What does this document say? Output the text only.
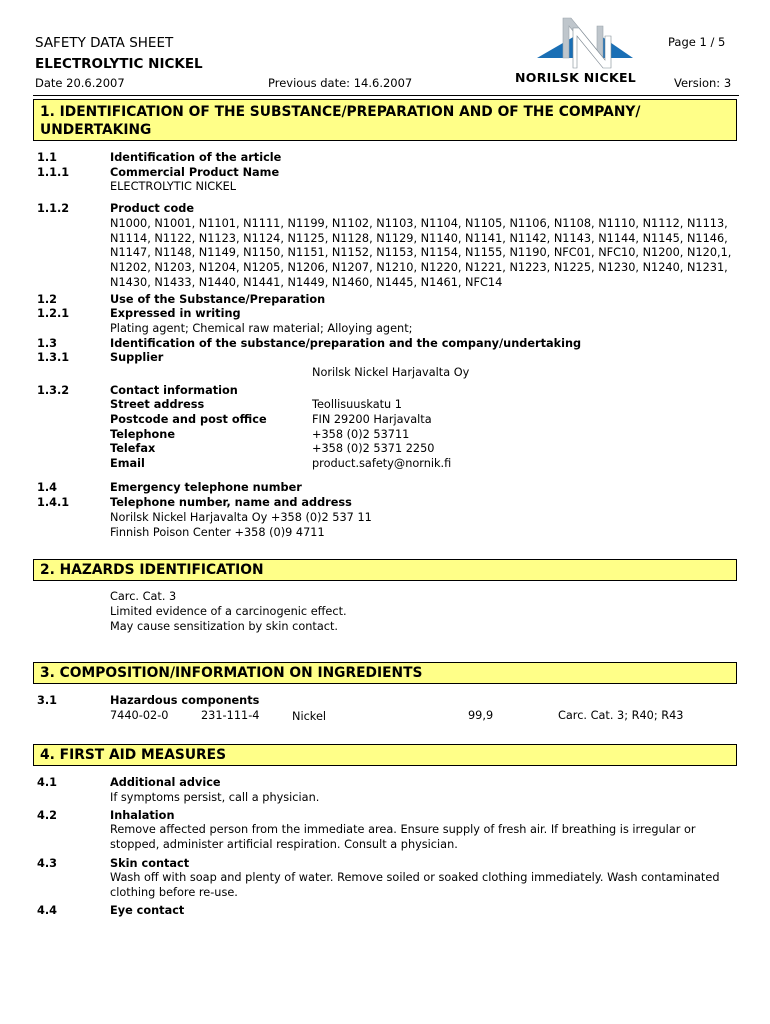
SAFETY DATA SHEET
ELECTROLYTIC NICKEL
Date 20.6.2007	Previous date: 14.6.2007
Page 1 / 5
Version: 3
NORILSK NICKEL
1. IDENTIFICATION OF THE SUBSTANCE/PREPARATION AND OF THE COMPANY/
UNDERTAKING
1.1	Identification of the article
1.1.1	Commercial Product Name
ELECTROLYTIC NICKEL
1.1.2	Product code
N1000, N1001, N1101, N1111, N1199, N1102, N1103, N1104, N1105, N1106, N1108, N1110, N1112, N1113,
N1114, N1122, N1123, N1124, N1125, N1128, N1129, N1140, N1141, N1142, N1143, N1144, N1145, N1146,
N1147, N1148, N1149, N1150, N1151, N1152, N1153, N1154, N1155, N1190, NFC01, NFC10, N1200, N120,1,
N1202, N1203, N1204, N1205, N1206, N1207, N1210, N1220, N1221, N1223, N1225, N1230, N1240, N1231,
N1430, N1433, N1440, N1441, N1449, N1460, N1445, N1461, NFC14
1.2	Use of the Substance/Preparation
1.2.1	Expressed in writing
Plating agent; Chemical raw material; Alloying agent;
1.3	Identification of the substance/preparation and the company/undertaking
1.3.1	Supplier
Norilsk Nickel Harjavalta Oy
1.3.2	Contact information
Street address	Teollisuuskatu 1
Postcode and post office	FIN 29200 Harjavalta
Telephone	+358 (0)2 53711
Telefax	+358 (0)2 5371 2250
Email	product.safety@nornik.fi
1.4	Emergency telephone number
1.4.1	Telephone number, name and address
Norilsk Nickel Harjavalta Oy +358 (0)2 537 11
Finnish Poison Center +358 (0)9 4711
2. HAZARDS IDENTIFICATION
Carc. Cat. 3
Limited evidence of a carcinogenic effect.
May cause sensitization by skin contact.
3. COMPOSITION/INFORMATION ON INGREDIENTS
3.1	Hazardous components
7440-02-0	231-111-4	Nickel	99,9	Carc. Cat. 3; R40; R43
4. FIRST AID MEASURES
4.1	Additional advice
If symptoms persist, call a physician.
4.2	Inhalation
Remove affected person from the immediate area. Ensure supply of fresh air. If breathing is irregular or stopped, administer artificial respiration. Consult a physician.
4.3	Skin contact
Wash off with soap and plenty of water. Remove soiled or soaked clothing immediately. Wash contaminated clothing before re-use.
4.4	Eye contact
